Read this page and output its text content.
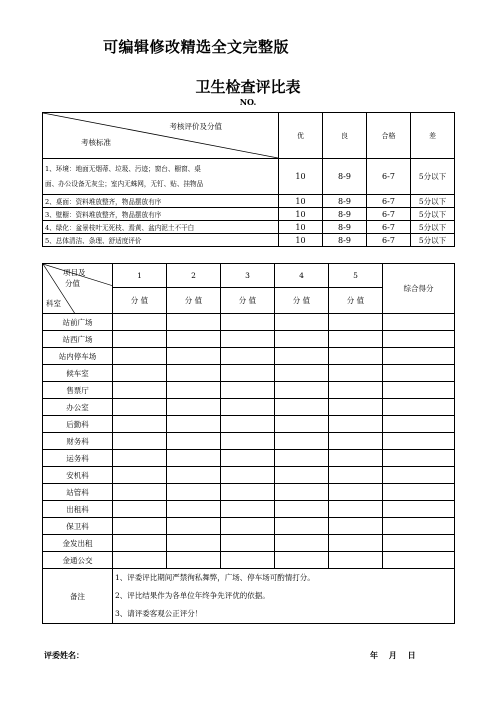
可编辑修改精选全文完整版
卫生检查评比表
NO.
考核评价及分值
考核标准	优	良	合格	差

1、环境：地面无烟蒂、垃圾、污迹；窗台、橱窗、桌
面、办公设备无灰尘；室内无蛛网，无钉、贴、挂物品	10	8-9	6-7	5分以下
2、桌面：资料堆放整齐，物品摆放有序	10	8-9	6-7	5分以下
3、壁橱：资料堆放整齐，物品摆放有序	10	8-9	6-7	5分以下
4、绿化：盆景枝叶无死枝、焉黄、盆内泥土不干白	10	8-9	6-7	5分以下
5、总体清洁、条理、舒适度评价	10	8-9	6-7	5分以下
项目及
分值
科室	1	2	3	4	5	综合得分
	分 值	分 值	分 值	分 值	分 值	
站前广场						
站西广场						
站内停车场						
候车室						
售票厅						
办公室						
后勤科						
财务科						
运务科						
安机科						
站管科						
出租科						
保卫科						
金发出租						
金通公交						
备注	1、评委评比期间严禁徇私舞弊，广场、停车场可酌情打分。
2、评比结果作为各单位年终争先评优的依据。
3、请评委客观公正评分！					
评委姓名：	年　 月　 日
